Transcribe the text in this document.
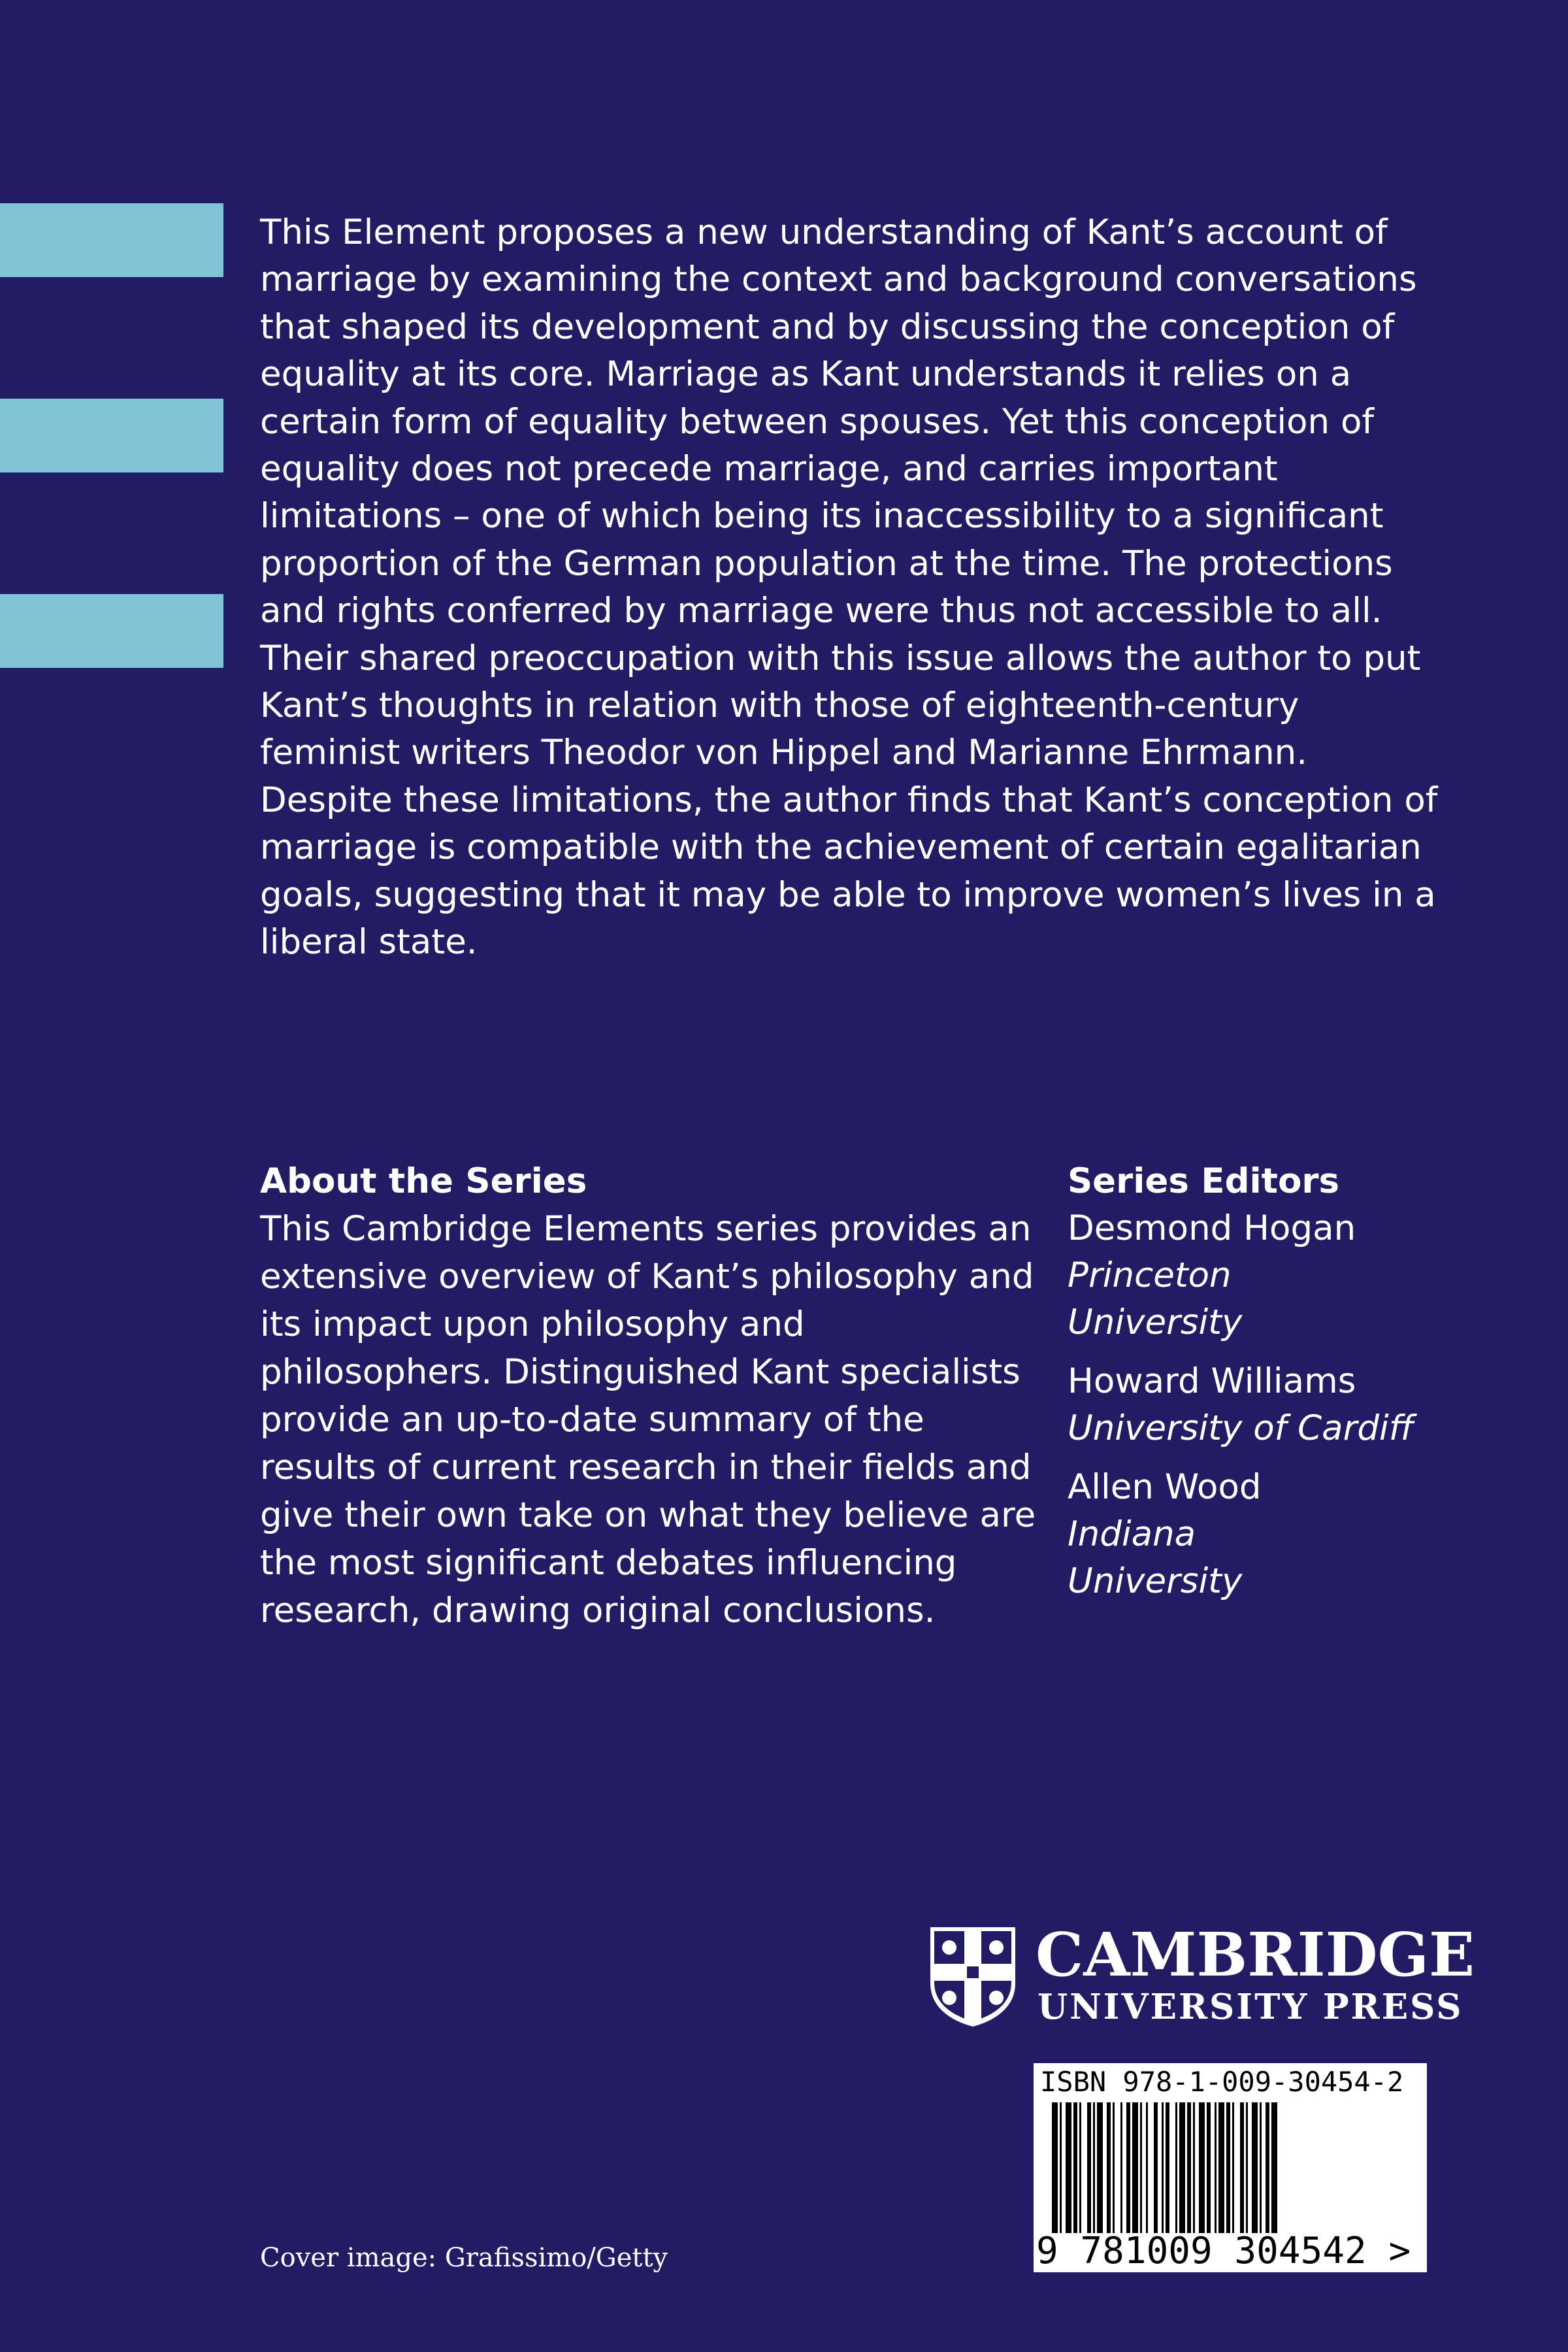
This Element proposes a new understanding of Kant’s account of marriage by examining the context and background conversations that shaped its development and by discussing the conception of equality at its core. Marriage as Kant understands it relies on a certain form of equality between spouses. Yet this conception of equality does not precede marriage, and carries important limitations – one of which being its inaccessibility to a significant proportion of the German population at the time. The protections and rights conferred by marriage were thus not accessible to all. Their shared preoccupation with this issue allows the author to put Kant’s thoughts in relation with those of eighteenth-century feminist writers Theodor von Hippel and Marianne Ehrmann. Despite these limitations, the author finds that Kant’s conception of marriage is compatible with the achievement of certain egalitarian goals, suggesting that it may be able to improve women’s lives in a liberal state.

About the Series

This Cambridge Elements series provides an extensive overview of Kant’s philosophy and its impact upon philosophy and philosophers. Distinguished Kant specialists provide an up-to-date summary of the results of current research in their fields and give their own take on what they believe are the most significant debates influencing research, drawing original conclusions.

Series Editors
Desmond Hogan
Princeton University
Howard Williams
University of Cardiff
Allen Wood
Indiana University
CAMBRIDGE
UNIVERSITY PRESS
ISBN 978-1-009-30454-2
9 781009 304542 >
Cover image: Grafissimo/Getty
